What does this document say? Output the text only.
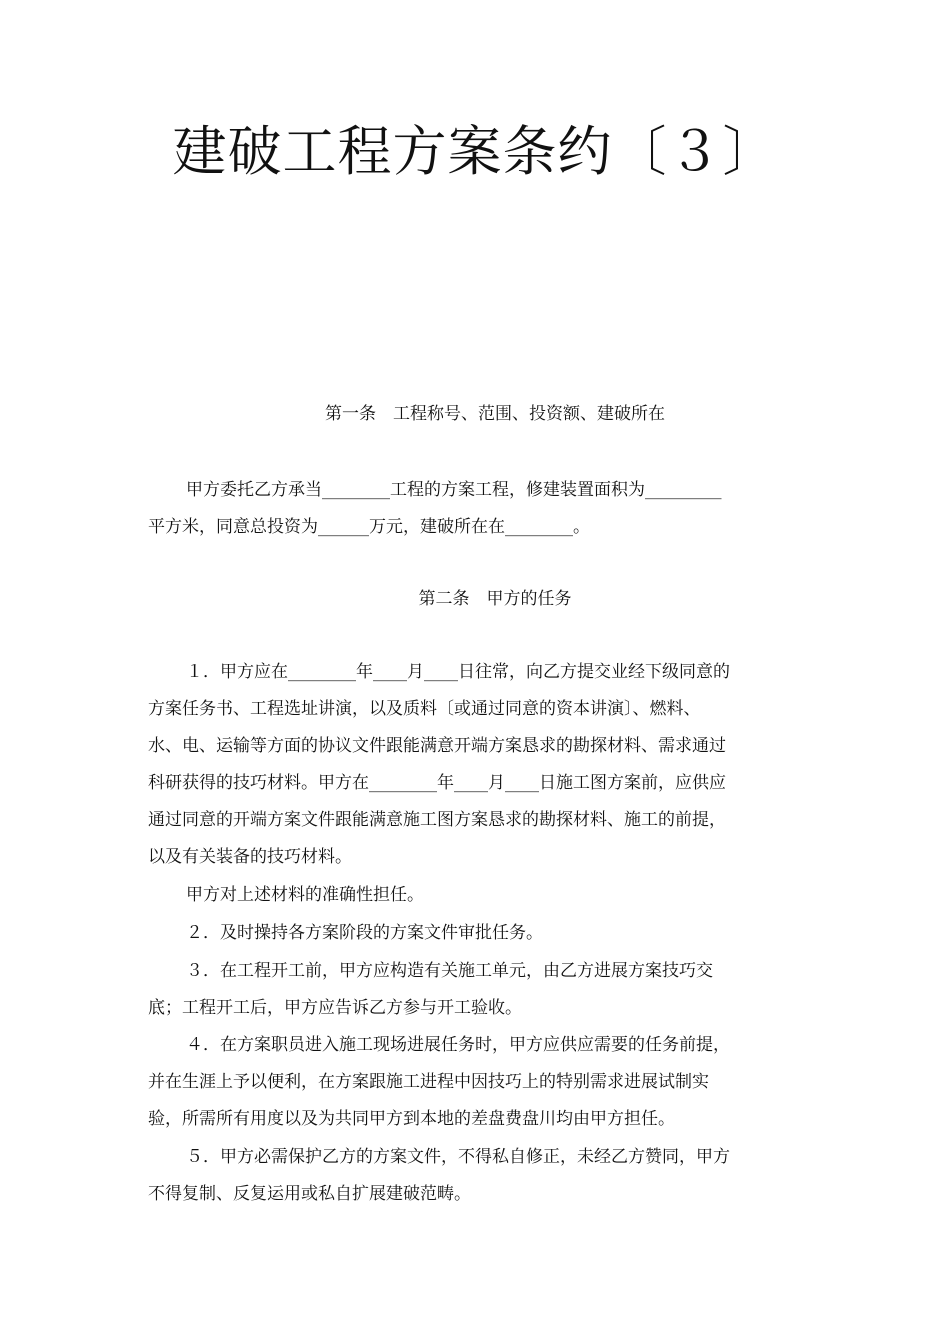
建破工程方案条约〔３〕
第一条　工程称号、范围、投资额、建破所在
甲方委托乙方承当________工程的方案工程，修建装置面积为_________
平方米，同意总投资为______万元，建破所在在________。
第二条　甲方的任务
１．甲方应在________年____月____日往常，向乙方提交业经下级同意的
方案任务书、工程选址讲演，以及质料〔或通过同意的资本讲演〕、燃料、
水、电、运输等方面的协议文件跟能满意开端方案恳求的勘探材料、需求通过
科研获得的技巧材料。甲方在________年____月____日施工图方案前，应供应
通过同意的开端方案文件跟能满意施工图方案恳求的勘探材料、施工的前提，
以及有关装备的技巧材料。
甲方对上述材料的准确性担任。
２．及时操持各方案阶段的方案文件审批任务。
３．在工程开工前，甲方应构造有关施工单元，由乙方进展方案技巧交
底；工程开工后，甲方应告诉乙方参与开工验收。
４．在方案职员进入施工现场进展任务时，甲方应供应需要的任务前提，
并在生涯上予以便利，在方案跟施工进程中因技巧上的特别需求进展试制实
验，所需所有用度以及为共同甲方到本地的差盘费盘川均由甲方担任。
５．甲方必需保护乙方的方案文件，不得私自修正，未经乙方赞同，甲方
不得复制、反复运用或私自扩展建破范畴。
